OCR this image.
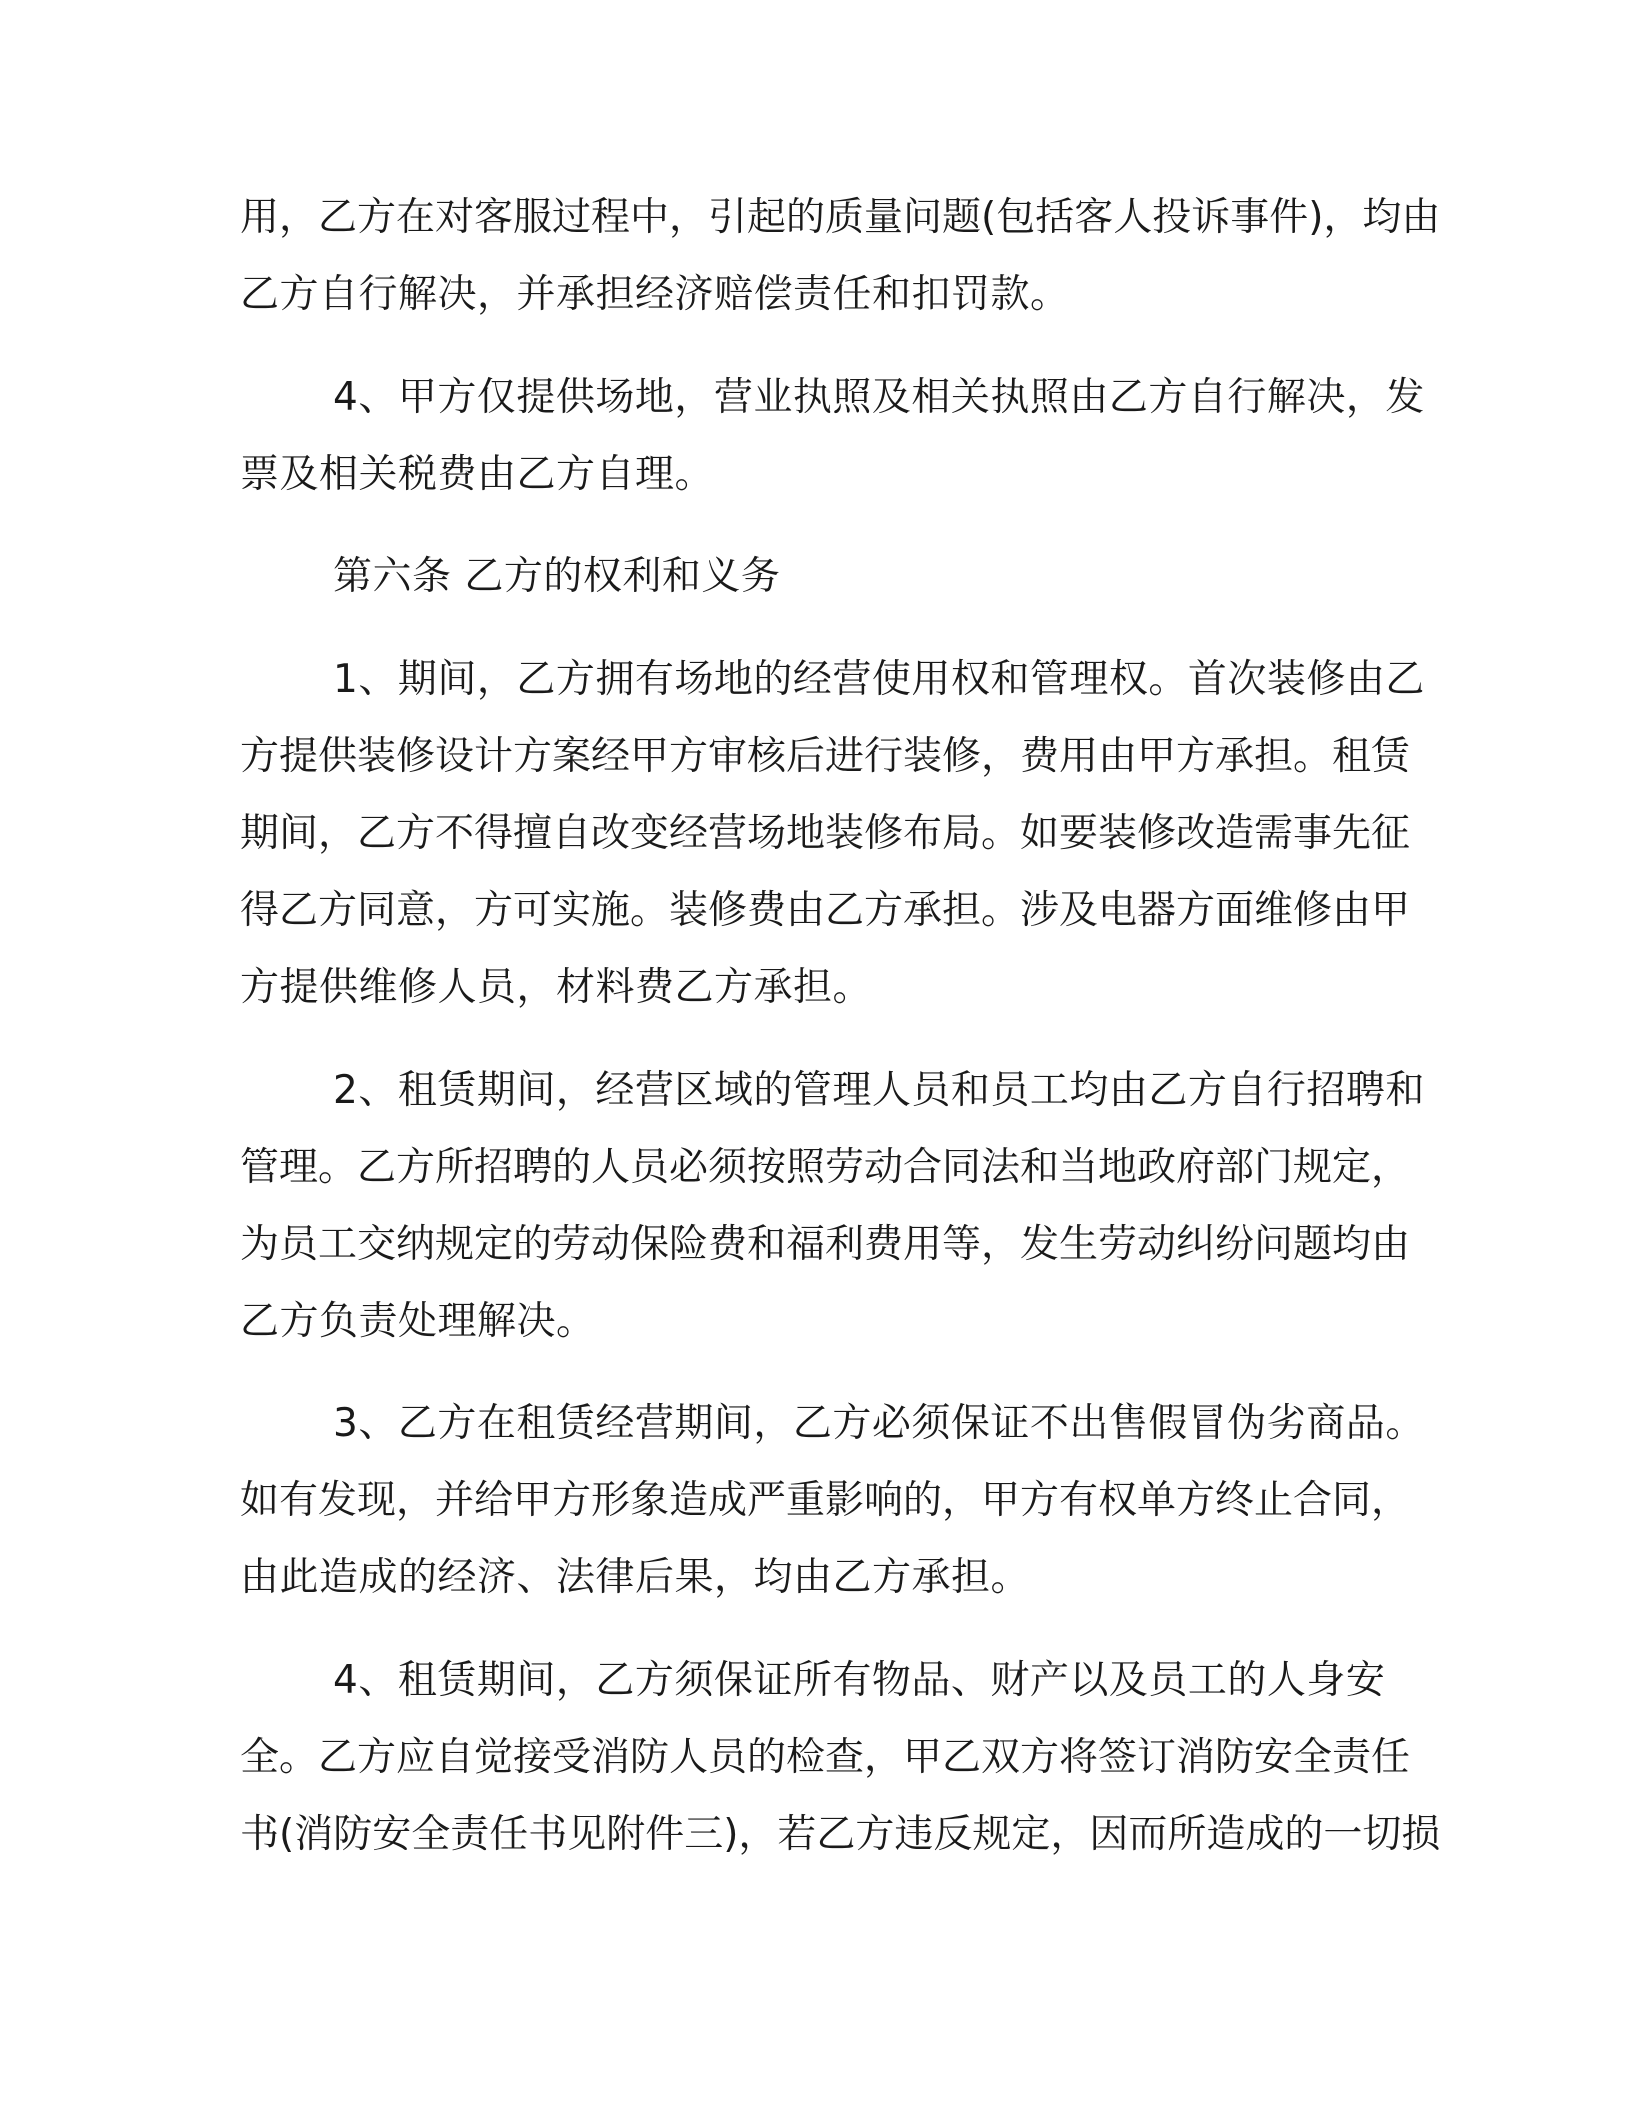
用，乙方在对客服过程中，引起的质量问题(包括客人投诉事件)，均由
乙方自行解决，并承担经济赔偿责任和扣罚款。
4、甲方仅提供场地，营业执照及相关执照由乙方自行解决，发
票及相关税费由乙方自理。
第六条 乙方的权利和义务
1、期间，乙方拥有场地的经营使用权和管理权。首次装修由乙
方提供装修设计方案经甲方审核后进行装修，费用由甲方承担。租赁
期间，乙方不得擅自改变经营场地装修布局。如要装修改造需事先征
得乙方同意，方可实施。装修费由乙方承担。涉及电器方面维修由甲
方提供维修人员，材料费乙方承担。
2、租赁期间，经营区域的管理人员和员工均由乙方自行招聘和
管理。乙方所招聘的人员必须按照劳动合同法和当地政府部门规定，
为员工交纳规定的劳动保险费和福利费用等，发生劳动纠纷问题均由
乙方负责处理解决。
3、乙方在租赁经营期间，乙方必须保证不出售假冒伪劣商品。
如有发现，并给甲方形象造成严重影响的，甲方有权单方终止合同，
由此造成的经济、法律后果，均由乙方承担。
4、租赁期间，乙方须保证所有物品、财产以及员工的人身安
全。乙方应自觉接受消防人员的检查，甲乙双方将签订消防安全责任
书(消防安全责任书见附件三)，若乙方违反规定，因而所造成的一切损
